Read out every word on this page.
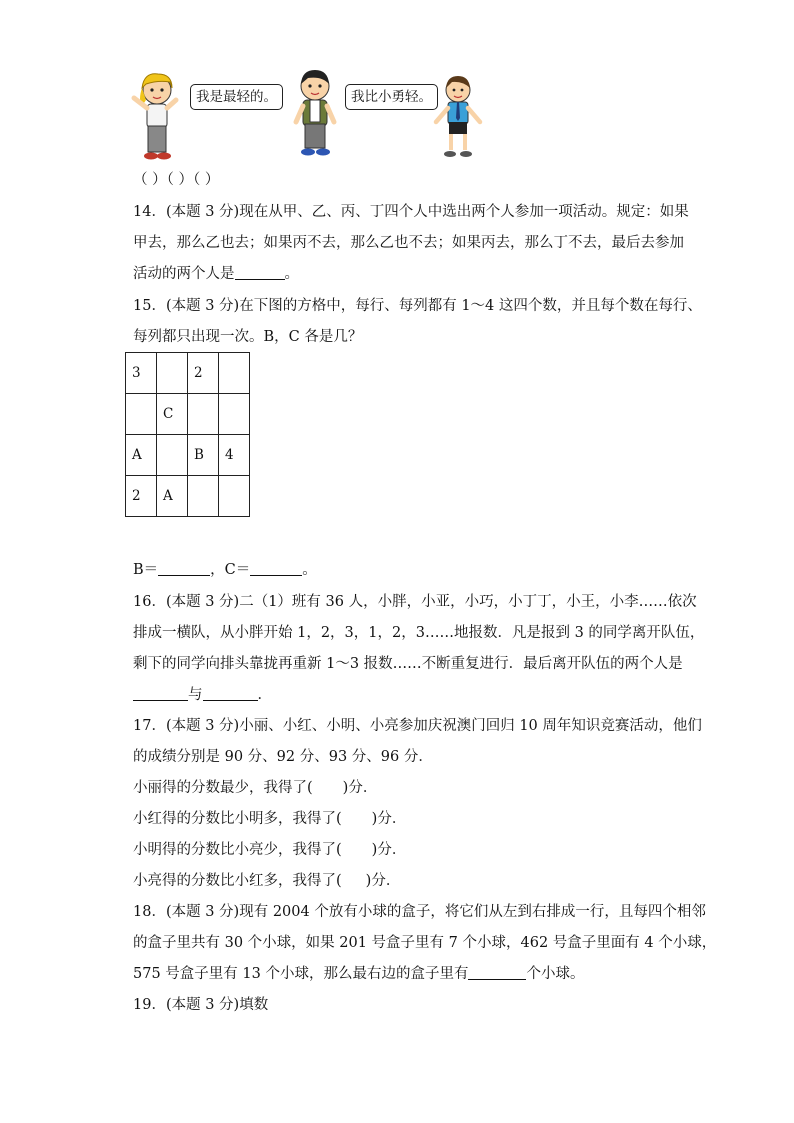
我是最轻的。	我比小勇轻。
（ ）（ ）（ ）
14．(本题 3 分)现在从甲、乙、丙、丁四个人中选出两个人参加一项活动。规定：如果
甲去，那么乙也去；如果丙不去，那么乙也不去；如果丙去，那么丁不去，最后去参加
活动的两个人是	。
15．(本题 3 分)在下图的方格中，每行、每列都有 1～4 这四个数，并且每个数在每行、
每列都只出现一次。B，C 各是几？
3		2	
	C		
A		B	4
2	A		
B＝	，C＝	。
16．(本题 3 分)二（1）班有 36 人，小胖，小亚，小巧，小丁丁，小王，小李……依次
排成一横队，从小胖开始 1，2，3，1，2，3……地报数．凡是报到 3 的同学离开队伍，
剩下的同学向排头靠拢再重新 1～3 报数……不断重复进行．最后离开队伍的两个人是
与	．
17．(本题 3 分)小丽、小红、小明、小亮参加庆祝澳门回归 10 周年知识竞赛活动，他们
的成绩分别是 90 分、92 分、93 分、96 分．
小丽得的分数最少，我得了( )分．
小红得的分数比小明多，我得了( )分．
小明得的分数比小亮少，我得了( )分．
小亮得的分数比小红多，我得了( )分．
18．(本题 3 分)现有 2004 个放有小球的盒子，将它们从左到右排成一行，且每四个相邻
的盒子里共有 30 个小球，如果 201 号盒子里有 7 个小球，462 号盒子里面有 4 个小球，
575 号盒子里有 13 个小球，那么最右边的盒子里有	个小球。
19．(本题 3 分)填数
